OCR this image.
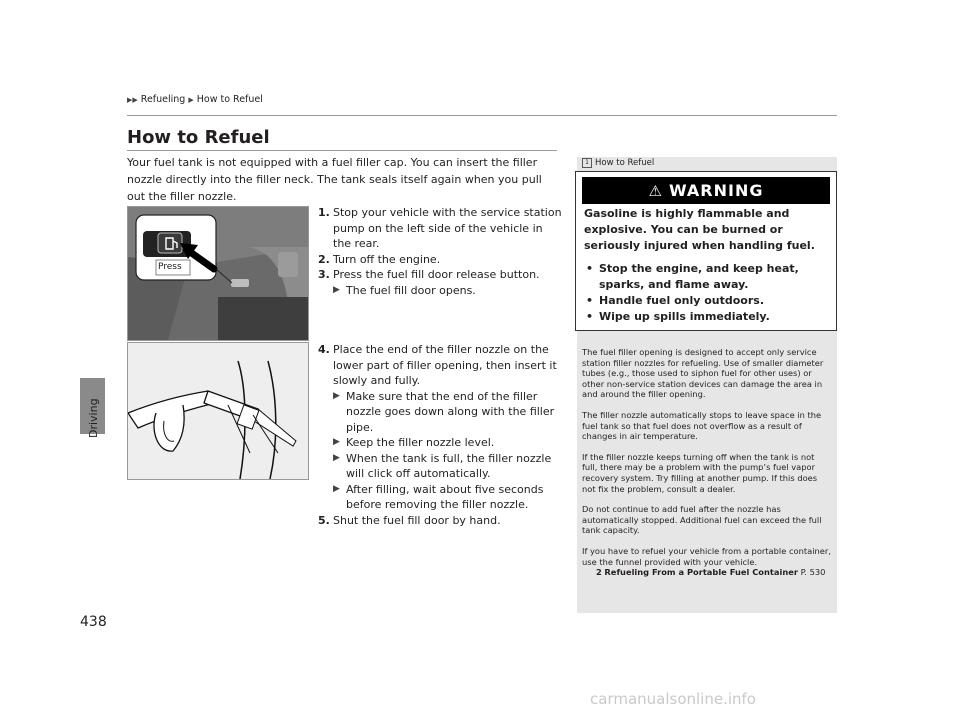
Driving
▶▶ Refueling ▶ How to Refuel
How to Refuel
Your fuel tank is not equipped with a fuel filler cap. You can insert the filler nozzle directly into the filler neck. The tank seals itself again when you pull out the filler nozzle.
Press
1. Stop your vehicle with the service station pump on the left side of the vehicle in the rear.
2. Turn off the engine.
3. Press the fuel fill door release button.
▶ The fuel fill door opens.
4. Place the end of the filler nozzle on the lower part of filler opening, then insert it slowly and fully.
▶ Make sure that the end of the filler nozzle goes down along with the filler pipe.
▶ Keep the filler nozzle level.
▶ When the tank is full, the filler nozzle will click off automatically.
▶ After filling, wait about five seconds before removing the filler nozzle.
5. Shut the fuel fill door by hand.
1 How to Refuel
⚠ WARNING
Gasoline is highly flammable and explosive. You can be burned or seriously injured when handling fuel.
• Stop the engine, and keep heat, sparks, and flame away.
• Handle fuel only outdoors.
• Wipe up spills immediately.

The fuel filler opening is designed to accept only service station filler nozzles for refueling. Use of smaller diameter tubes (e.g., those used to siphon fuel for other uses) or other non-service station devices can damage the area in and around the filler opening.

The filler nozzle automatically stops to leave space in the fuel tank so that fuel does not overflow as a result of changes in air temperature.

If the filler nozzle keeps turning off when the tank is not full, there may be a problem with the pump’s fuel vapor recovery system. Try filling at another pump. If this does not fix the problem, consult a dealer.

Do not continue to add fuel after the nozzle has automatically stopped. Additional fuel can exceed the full tank capacity.

If you have to refuel your vehicle from a portable container, use the funnel provided with your vehicle.
2 Refueling From a Portable Fuel Container P. 530

438
carmanualsonline.info
